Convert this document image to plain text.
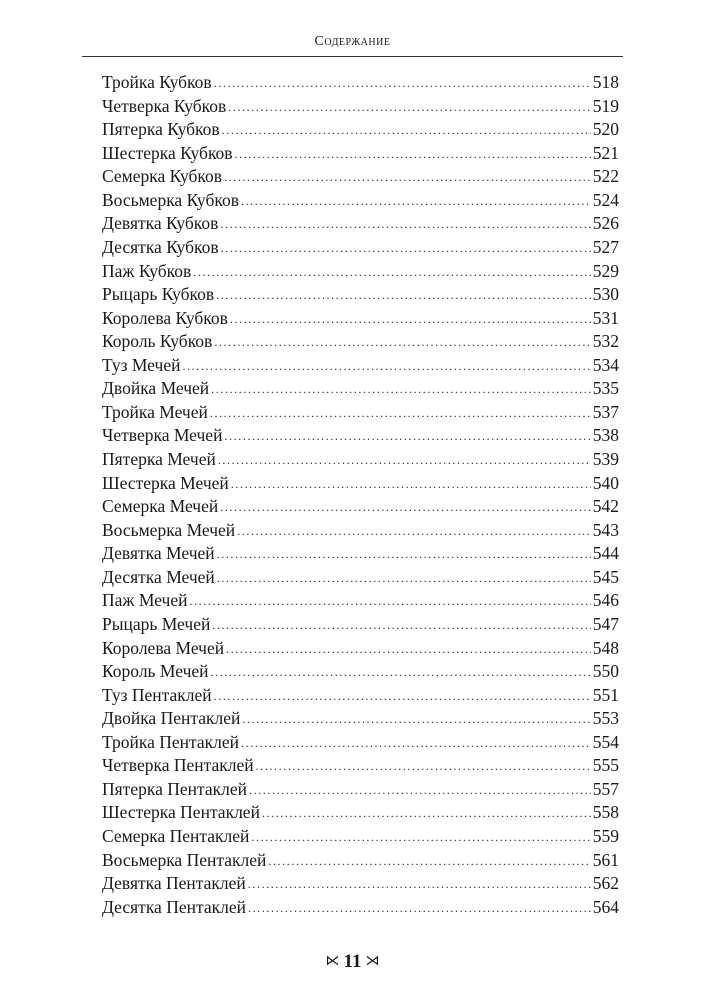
Содержание
Тройка Кубков .....	518
Четверка Кубков .....	519
Пятерка Кубков .....	520
Шестерка Кубков .....	521
Семерка Кубков .....	522
Восьмерка Кубков .....	524
Девятка Кубков .....	526
Десятка Кубков .....	527
Паж Кубков .....	529
Рыцарь Кубков .....	530
Королева Кубков .....	531
Король Кубков .....	532
Туз Мечей .....	534
Двойка Мечей .....	535
Тройка Мечей .....	537
Четверка Мечей .....	538
Пятерка Мечей .....	539
Шестерка Мечей .....	540
Семерка Мечей .....	542
Восьмерка Мечей .....	543
Девятка Мечей .....	544
Десятка Мечей .....	545
Паж Мечей .....	546
Рыцарь Мечей .....	547
Королева Мечей .....	548
Король Мечей .....	550
Туз Пентаклей .....	551
Двойка Пентаклей .....	553
Тройка Пентаклей .....	554
Четверка Пентаклей .....	555
Пятерка Пентаклей .....	557
Шестерка Пентаклей .....	558
Семерка Пентаклей .....	559
Восьмерка Пентаклей .....	561
Девятка Пентаклей .....	562
Десятка Пентаклей .....	564
⋉ 11 ⋊
